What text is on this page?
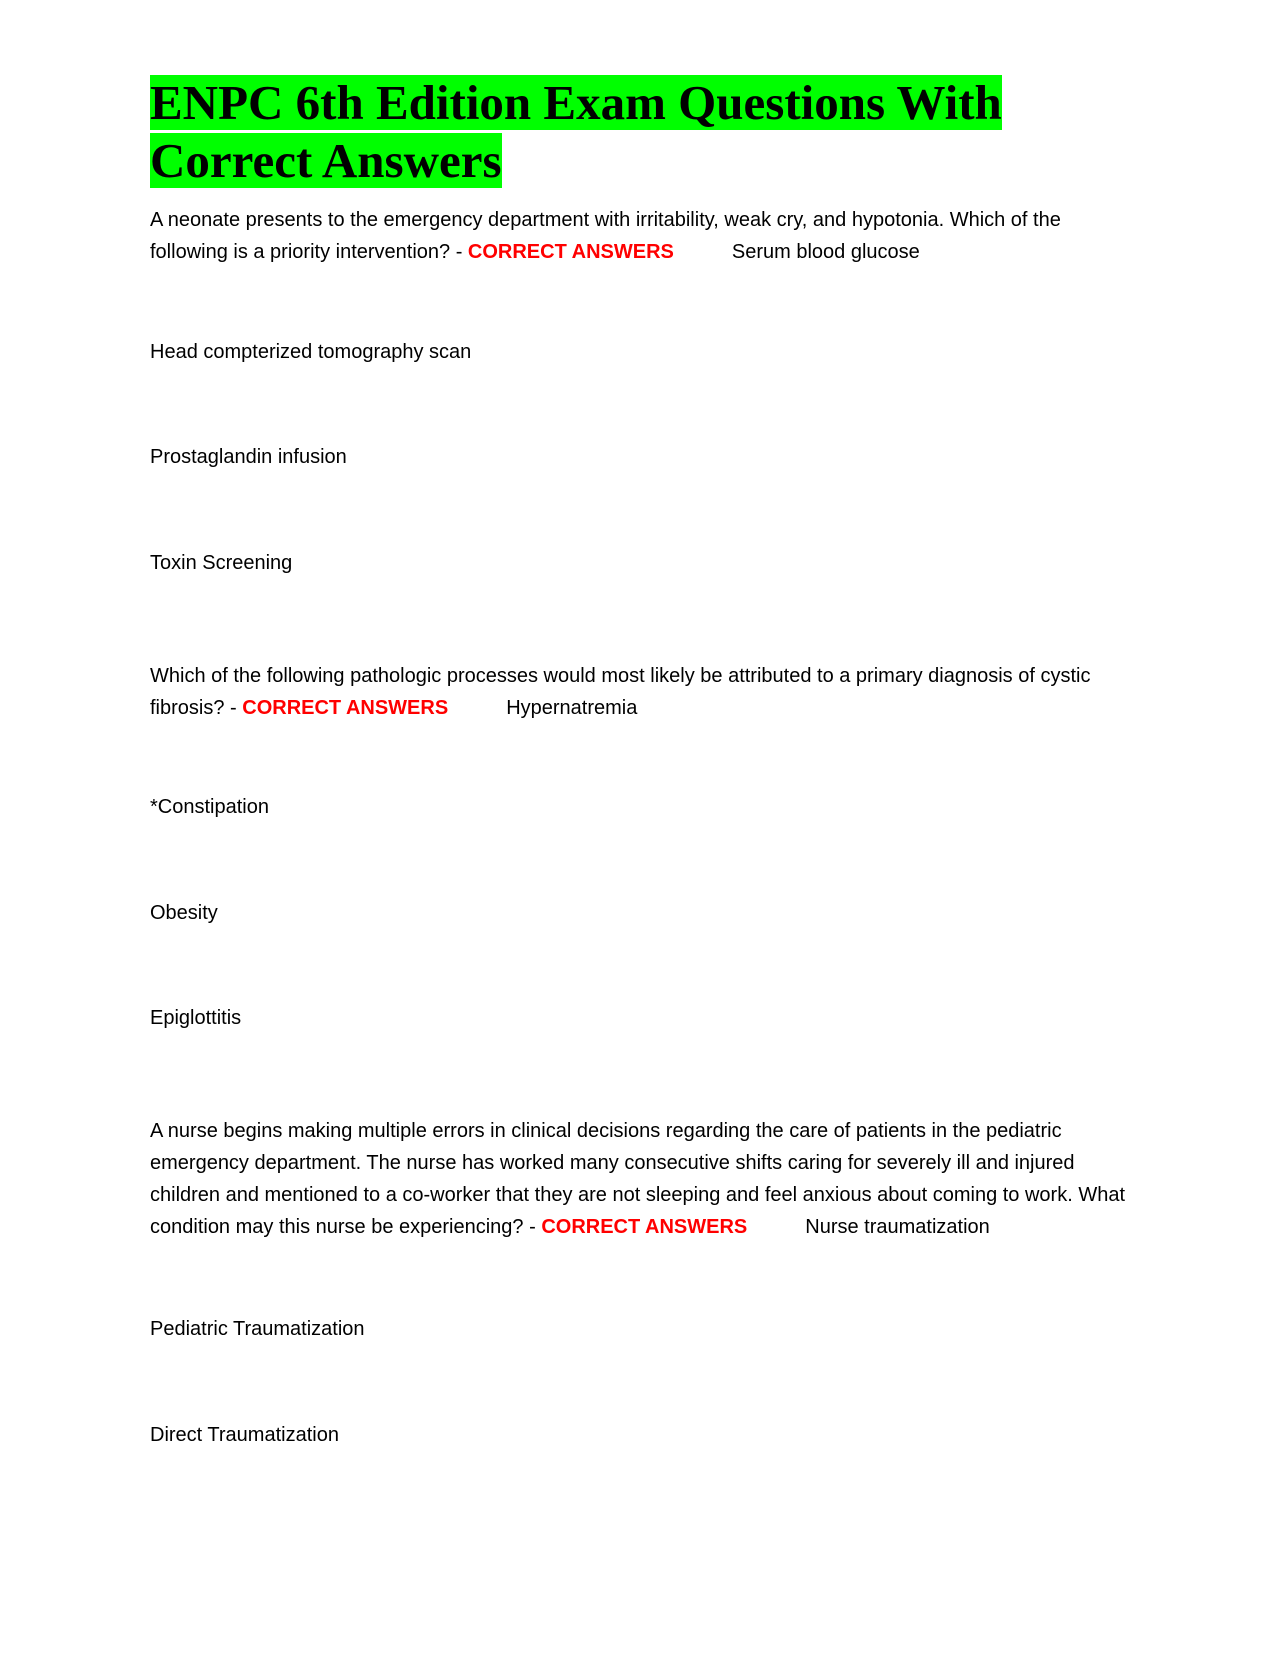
ENPC 6th Edition Exam Questions With
Correct Answers

A neonate presents to the emergency department with irritability, weak cry, and hypotonia. Which of the following is a priority intervention? - CORRECT ANSWERS	Serum blood glucose

Head compterized tomography scan

Prostaglandin infusion

Toxin Screening

Which of the following pathologic processes would most likely be attributed to a primary diagnosis of cystic fibrosis? - CORRECT ANSWERS	Hypernatremia

*Constipation

Obesity

Epiglottitis

A nurse begins making multiple errors in clinical decisions regarding the care of patients in the pediatric emergency department. The nurse has worked many consecutive shifts caring for severely ill and injured children and mentioned to a co-worker that they are not sleeping and feel anxious about coming to work. What condition may this nurse be experiencing? - CORRECT ANSWERS	Nurse traumatization

Pediatric Traumatization

Direct Traumatization
